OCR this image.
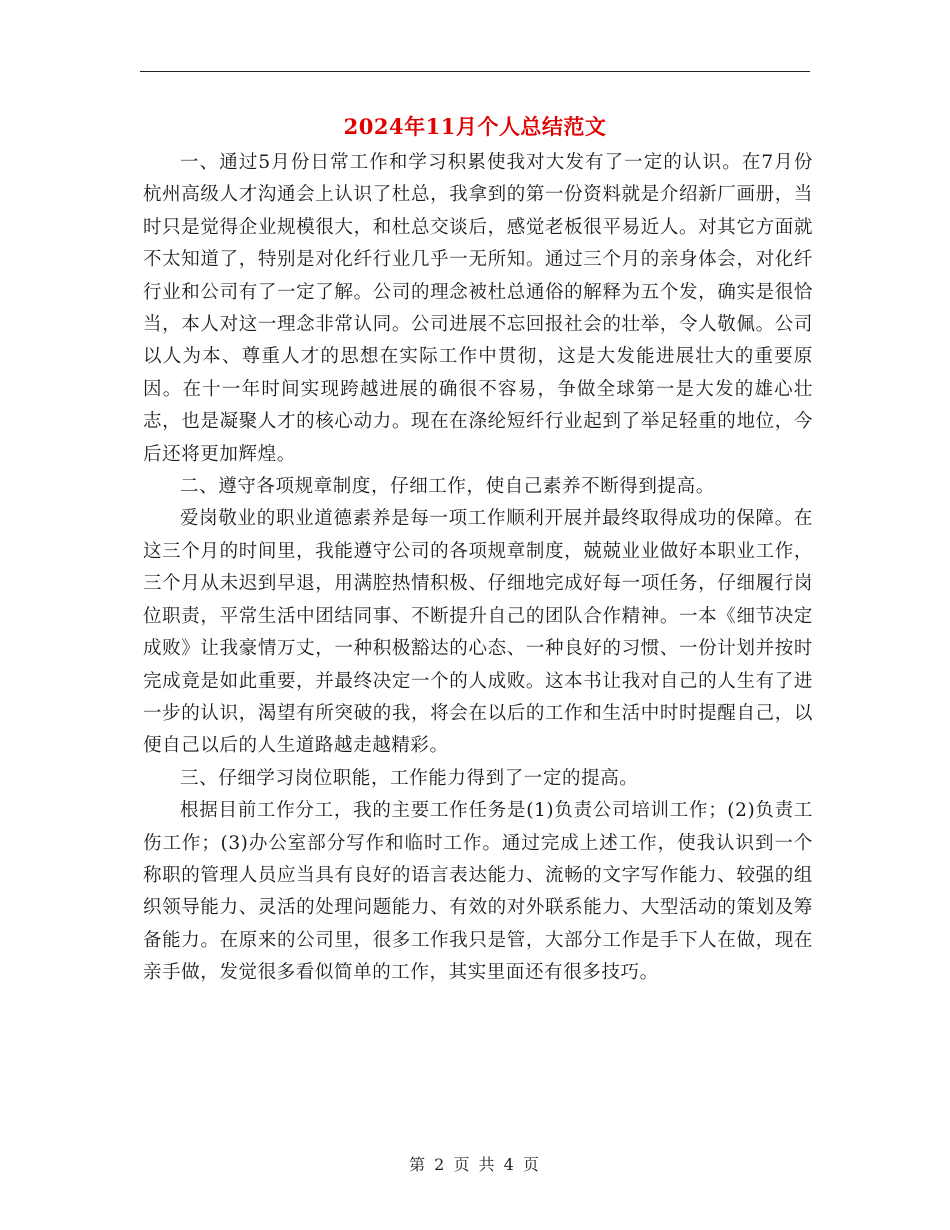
2024年11月个人总结范文

一、通过5月份日常工作和学习积累使我对大发有了一定的认识。在7月份杭州高级人才沟通会上认识了杜总，我拿到的第一份资料就是介绍新厂画册，当时只是觉得企业规模很大，和杜总交谈后，感觉老板很平易近人。对其它方面就不太知道了，特别是对化纤行业几乎一无所知。通过三个月的亲身体会，对化纤行业和公司有了一定了解。公司的理念被杜总通俗的解释为五个发，确实是很恰当，本人对这一理念非常认同。公司进展不忘回报社会的壮举，令人敬佩。公司以人为本、尊重人才的思想在实际工作中贯彻，这是大发能进展壮大的重要原因。在十一年时间实现跨越进展的确很不容易，争做全球第一是大发的雄心壮志，也是凝聚人才的核心动力。现在在涤纶短纤行业起到了举足轻重的地位，今后还将更加辉煌。

二、遵守各项规章制度，仔细工作，使自己素养不断得到提高。

爱岗敬业的职业道德素养是每一项工作顺利开展并最终取得成功的保障。在这三个月的时间里，我能遵守公司的各项规章制度，兢兢业业做好本职业工作，三个月从未迟到早退，用满腔热情积极、仔细地完成好每一项任务，仔细履行岗位职责，平常生活中团结同事、不断提升自己的团队合作精神。一本《细节决定成败》让我豪情万丈，一种积极豁达的心态、一种良好的习惯、一份计划并按时完成竟是如此重要，并最终决定一个的人成败。这本书让我对自己的人生有了进一步的认识，渴望有所突破的我，将会在以后的工作和生活中时时提醒自己，以便自己以后的人生道路越走越精彩。

三、仔细学习岗位职能，工作能力得到了一定的提高。

根据目前工作分工，我的主要工作任务是(1)负责公司培训工作；(2)负责工伤工作；(3)办公室部分写作和临时工作。通过完成上述工作，使我认识到一个称职的管理人员应当具有良好的语言表达能力、流畅的文字写作能力、较强的组织领导能力、灵活的处理问题能力、有效的对外联系能力、大型活动的策划及筹备能力。在原来的公司里，很多工作我只是管，大部分工作是手下人在做，现在亲手做，发觉很多看似简单的工作，其实里面还有很多技巧。

第 2 页 共 4 页
